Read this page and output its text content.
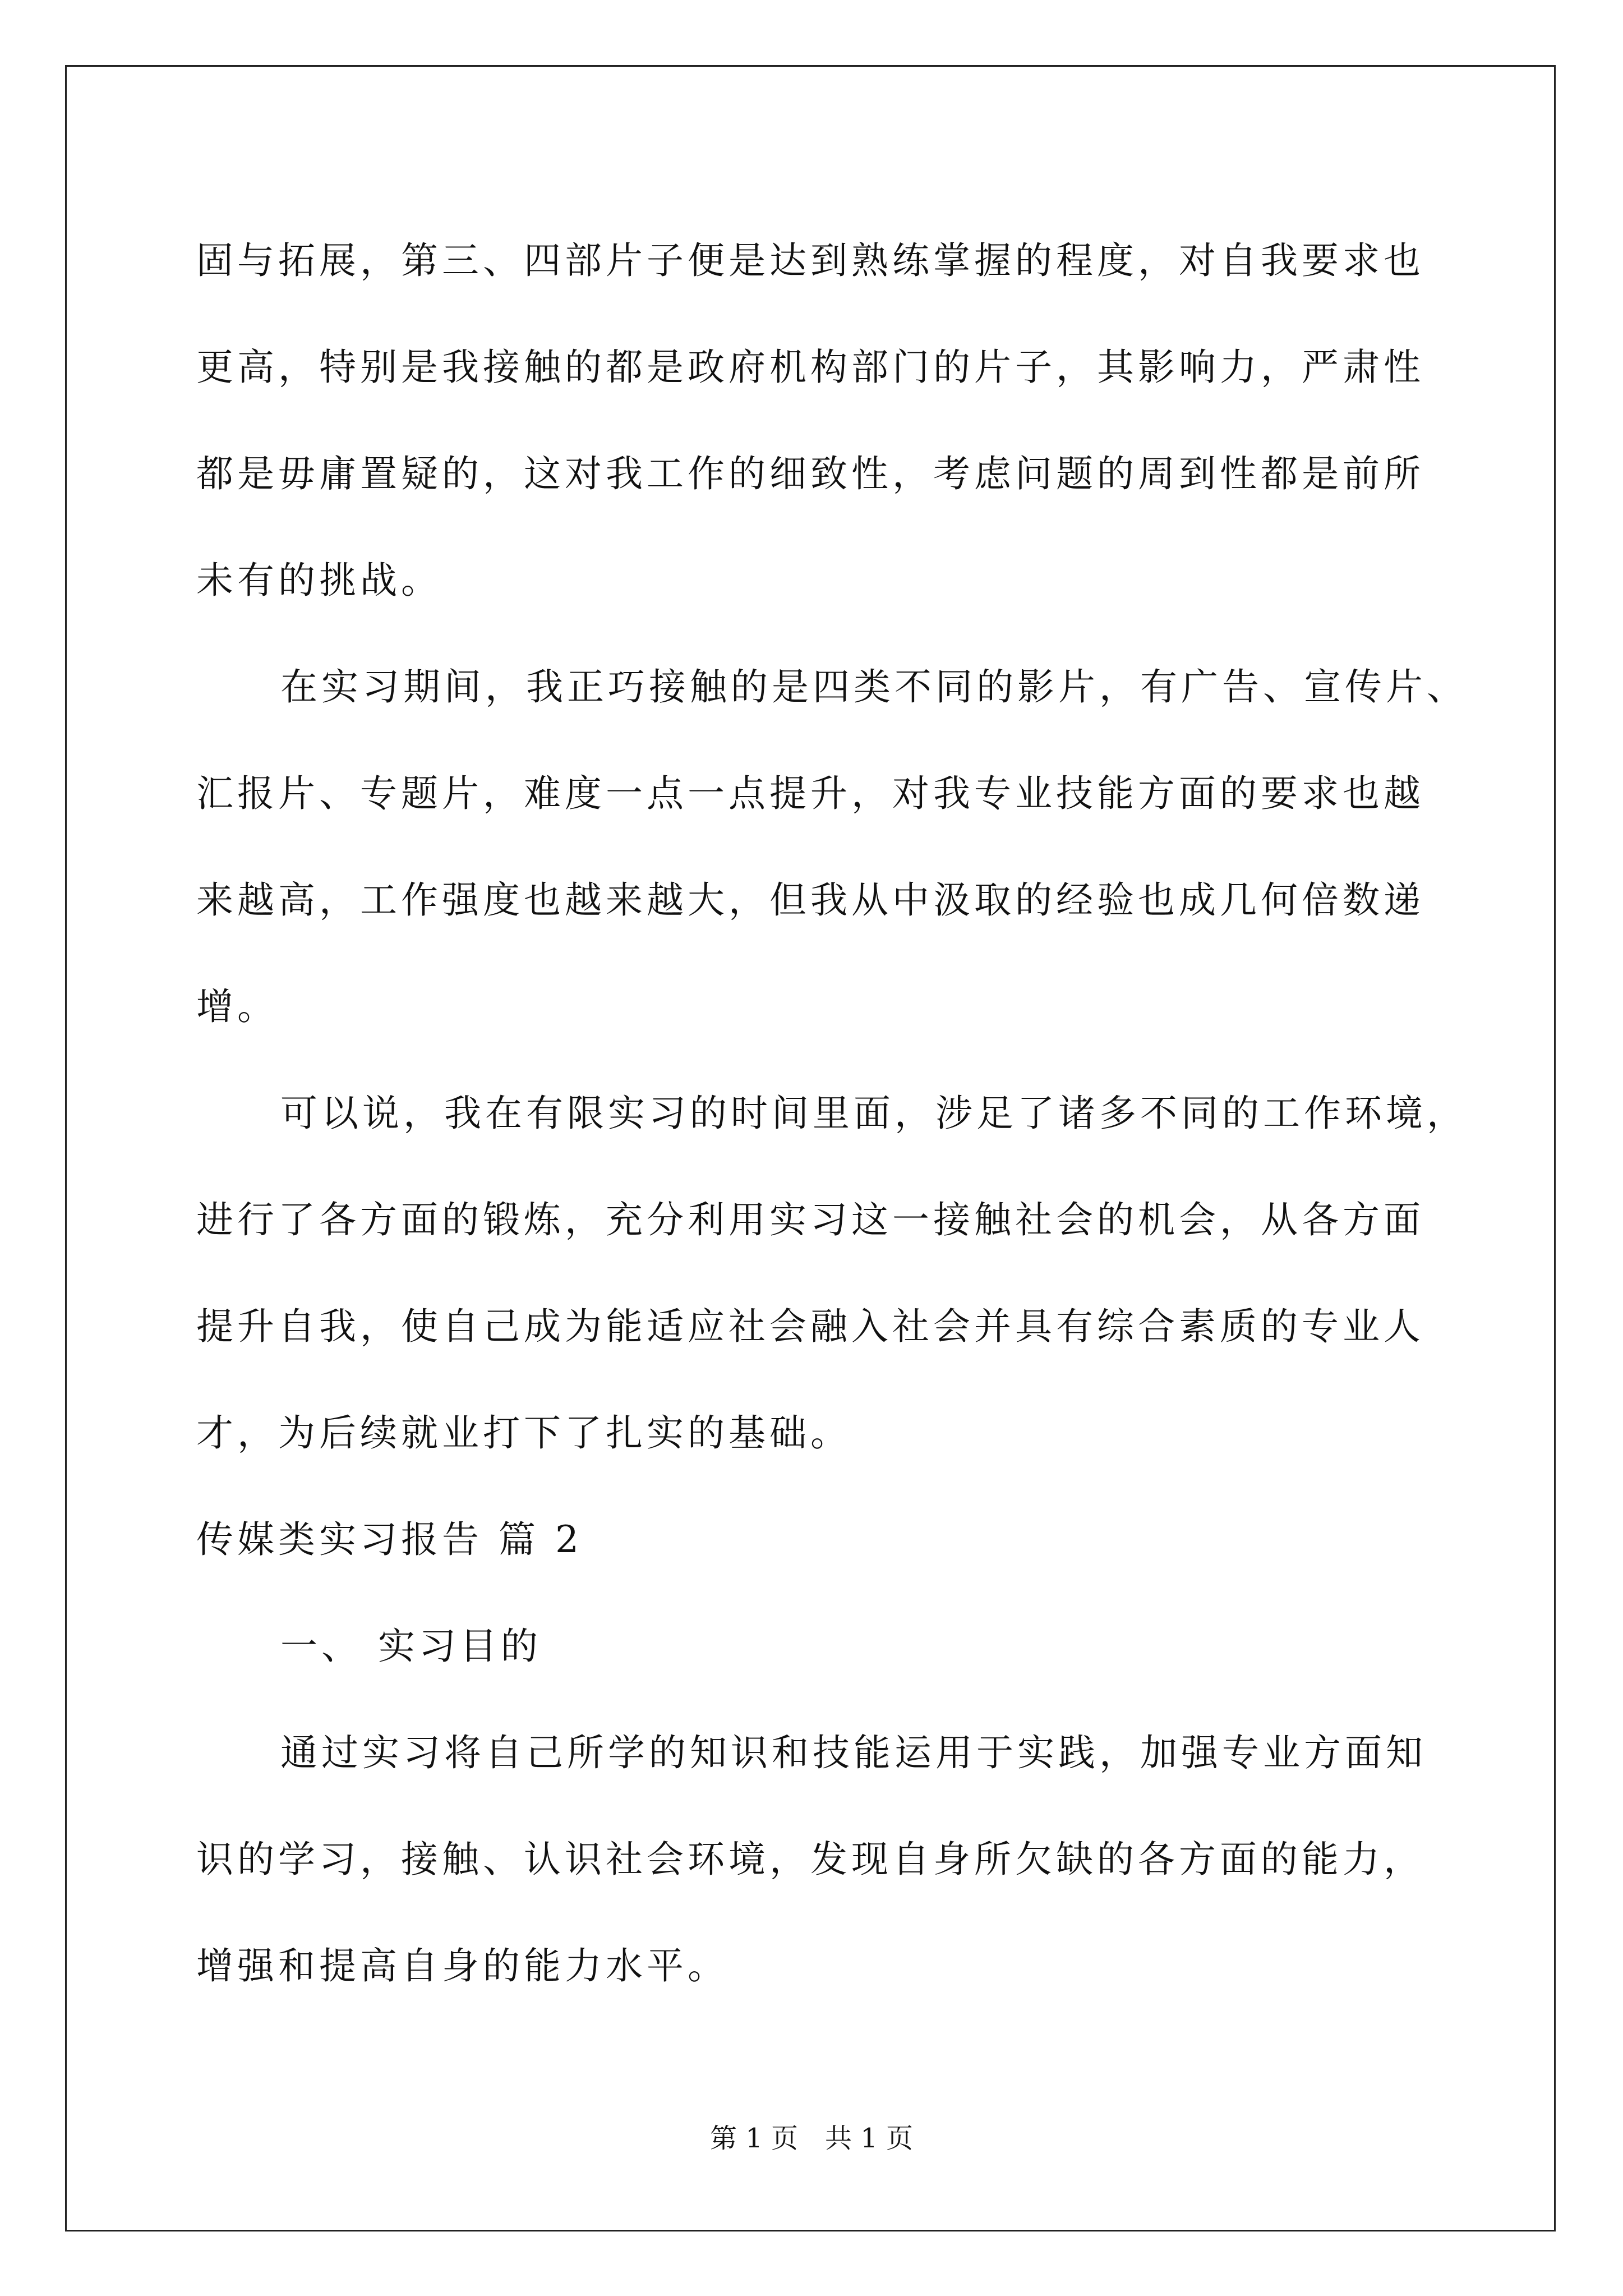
固与拓展，第三、四部片子便是达到熟练掌握的程度，对自我要求也
更高，特别是我接触的都是政府机构部门的片子，其影响力，严肃性
都是毋庸置疑的，这对我工作的细致性，考虑问题的周到性都是前所
未有的挑战。
在实习期间，我正巧接触的是四类不同的影片，有广告、宣传片、
汇报片、专题片，难度一点一点提升，对我专业技能方面的要求也越
来越高，工作强度也越来越大，但我从中汲取的经验也成几何倍数递
增。
可以说，我在有限实习的时间里面，涉足了诸多不同的工作环境，
进行了各方面的锻炼，充分利用实习这一接触社会的机会，从各方面
提升自我，使自己成为能适应社会融入社会并具有综合素质的专业人
才，为后续就业打下了扎实的基础。
传媒类实习报告 篇 2
一、 实习目的
通过实习将自己所学的知识和技能运用于实践，加强专业方面知
识的学习，接触、认识社会环境，发现自身所欠缺的各方面的能力，
增强和提高自身的能力水平。
第 1 页　共 1 页
